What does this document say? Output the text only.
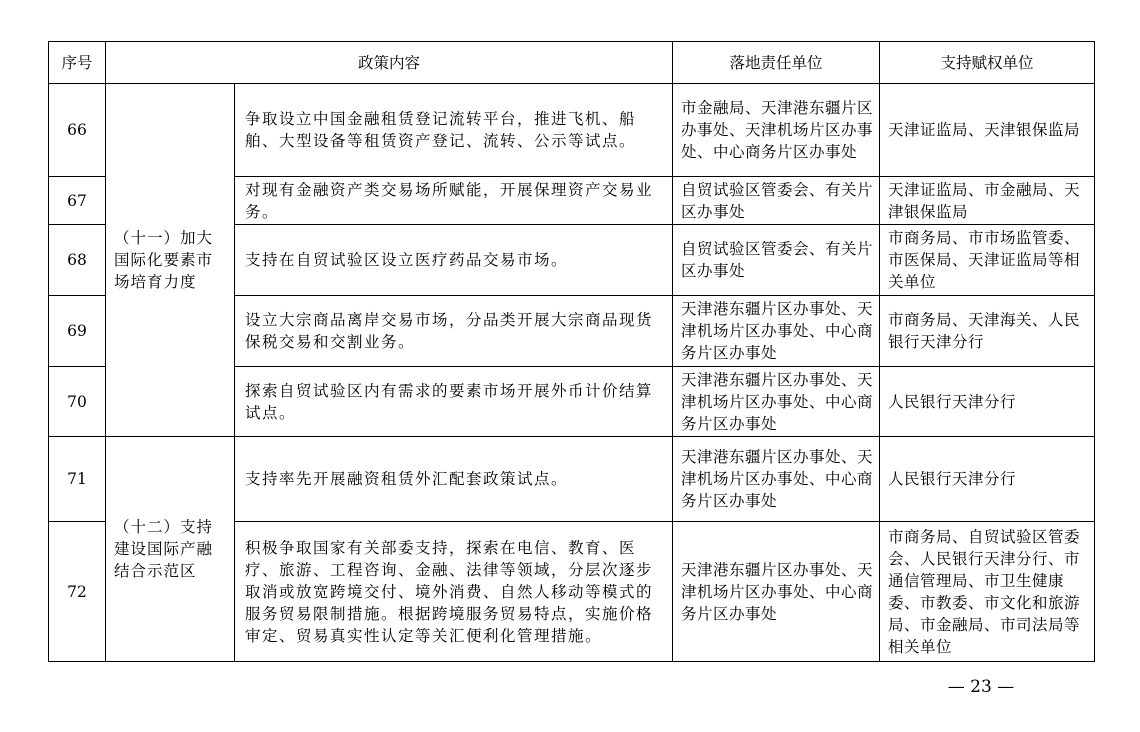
序号	政策内容		落地责任单位	支持赋权单位
66	（十一）加大国际化要素市场培育力度	争取设立中国金融租赁登记流转平台，推进飞机、船舶、大型设备等租赁资产登记、流转、公示等试点。	市金融局、天津港东疆片区办事处、天津机场片区办事处、中心商务片区办事处	天津证监局、天津银保监局
67		对现有金融资产类交易场所赋能，开展保理资产交易业务。	自贸试验区管委会、有关片区办事处	天津证监局、市金融局、天津银保监局
68		支持在自贸试验区设立医疗药品交易市场。	自贸试验区管委会、有关片区办事处	市商务局、市市场监管委、市医保局、天津证监局等相关单位
69		设立大宗商品离岸交易市场，分品类开展大宗商品现货保税交易和交割业务。	天津港东疆片区办事处、天津机场片区办事处、中心商务片区办事处	市商务局、天津海关、人民银行天津分行
70		探索自贸试验区内有需求的要素市场开展外币计价结算试点。	天津港东疆片区办事处、天津机场片区办事处、中心商务片区办事处	人民银行天津分行
71	（十二）支持建设国际产融结合示范区	支持率先开展融资租赁外汇配套政策试点。	天津港东疆片区办事处、天津机场片区办事处、中心商务片区办事处	人民银行天津分行
72		积极争取国家有关部委支持，探索在电信、教育、医疗、旅游、工程咨询、金融、法律等领域，分层次逐步取消或放宽跨境交付、境外消费、自然人移动等模式的服务贸易限制措施。根据跨境服务贸易特点，实施价格审定、贸易真实性认定等关汇便利化管理措施。	天津港东疆片区办事处、天津机场片区办事处、中心商务片区办事处	市商务局、自贸试验区管委会、人民银行天津分行、市通信管理局、市卫生健康委、市教委、市文化和旅游局、市金融局、市司法局等相关单位
— 23 —
